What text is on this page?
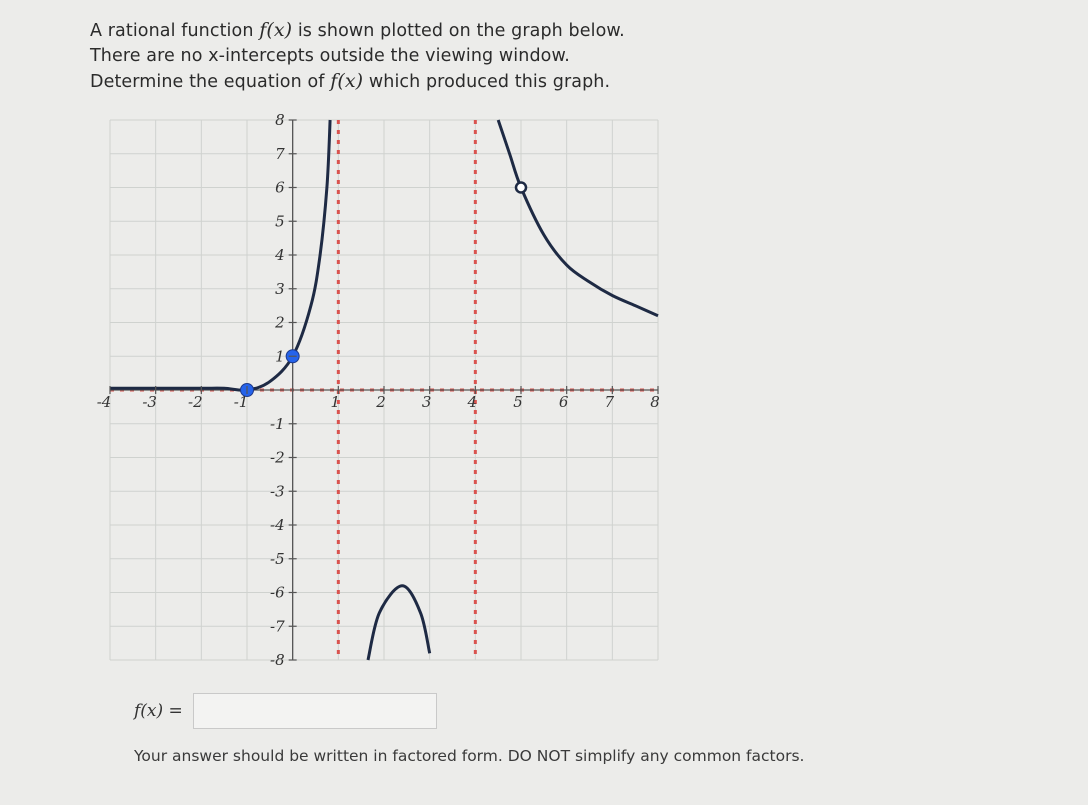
A rational function f(x) is shown plotted on the graph below.
There are no x-intercepts outside the viewing window.
Determine the equation of f(x) which produced this graph.
-4 -3 -2 -1	1 2 3 4 5 6 7 8
8
7
6
5
4
3
2
1
-1
-2
-3
-4
-5
-6
-7
-8
f(x) =
Your answer should be written in factored form. DO NOT simplify any common factors.
